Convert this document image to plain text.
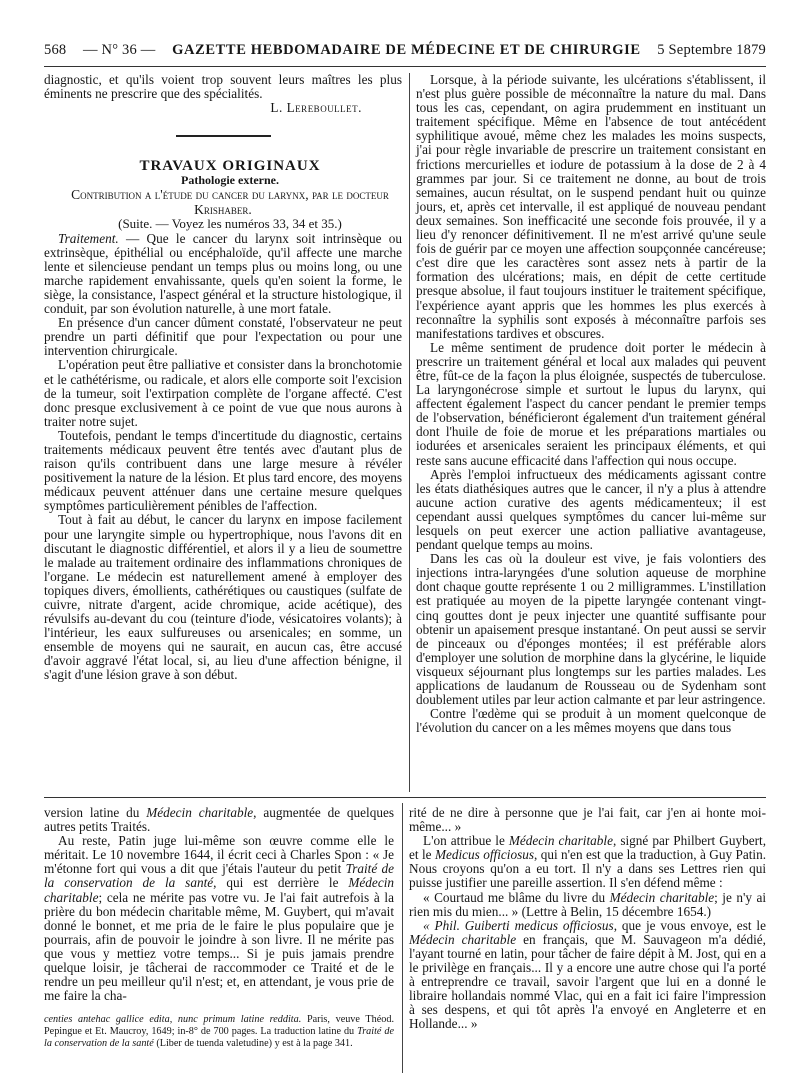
568 — N° 36 — GAZETTE HEBDOMADAIRE DE MÉDECINE ET DE CHIRURGIE 5 Septembre 1879

diagnostic, et qu'ils voient trop souvent leurs maîtres les plus éminents ne prescrire que des spécialités.

L. Lereboullet.

TRAVAUX ORIGINAUX

Pathologie externe.

Contribution a l'étude du cancer du larynx, par le docteur Krishaber.

(Suite. — Voyez les numéros 33, 34 et 35.)

Traitement. — Que le cancer du larynx soit intrinsèque ou extrinsèque, épithélial ou encéphaloïde, qu'il affecte une marche lente et silencieuse pendant un temps plus ou moins long, ou une marche rapidement envahissante, quels qu'en soient la forme, le siège, la consistance, l'aspect général et la structure histologique, il conduit, par son évolution naturelle, à une mort fatale.

En présence d'un cancer dûment constaté, l'observateur ne peut prendre un parti définitif que pour l'expectation ou pour une intervention chirurgicale.

L'opération peut être palliative et consister dans la bronchotomie et le cathétérisme, ou radicale, et alors elle comporte soit l'excision de la tumeur, soit l'extirpation complète de l'organe affecté. C'est donc presque exclusivement à ce point de vue que nous aurons à traiter notre sujet.

Toutefois, pendant le temps d'incertitude du diagnostic, certains traitements médicaux peuvent être tentés avec d'autant plus de raison qu'ils contribuent dans une large mesure à révéler positivement la nature de la lésion. Et plus tard encore, des moyens médicaux peuvent atténuer dans une certaine mesure quelques symptômes particulièrement pénibles de l'affection.

Tout à fait au début, le cancer du larynx en impose facilement pour une laryngite simple ou hypertrophique, nous l'avons dit en discutant le diagnostic différentiel, et alors il y a lieu de soumettre le malade au traitement ordinaire des inflammations chroniques de l'organe. Le médecin est naturellement amené à employer des topiques divers, émollients, cathérétiques ou caustiques (sulfate de cuivre, nitrate d'argent, acide chromique, acide acétique), des révulsifs au-devant du cou (teinture d'iode, vésicatoires volants); à l'intérieur, les eaux sulfureuses ou arsenicales; en somme, un ensemble de moyens qui ne saurait, en aucun cas, être accusé d'avoir aggravé l'état local, si, au lieu d'une affection bénigne, il s'agit d'une lésion grave à son début.

Lorsque, à la période suivante, les ulcérations s'établissent, il n'est plus guère possible de méconnaître la nature du mal. Dans tous les cas, cependant, on agira prudemment en instituant un traitement spécifique. Même en l'absence de tout antécédent syphilitique avoué, même chez les malades les moins suspects, j'ai pour règle invariable de prescrire un traitement consistant en frictions mercurielles et iodure de potassium à la dose de 2 à 4 grammes par jour. Si ce traitement ne donne, au bout de trois semaines, aucun résultat, on le suspend pendant huit ou quinze jours, et, après cet intervalle, il est appliqué de nouveau pendant deux semaines. Son inefficacité une seconde fois prouvée, il y a lieu d'y renoncer définitivement. Il ne m'est arrivé qu'une seule fois de guérir par ce moyen une affection soupçonnée cancéreuse; c'est dire que les caractères sont assez nets à partir de la formation des ulcérations; mais, en dépit de cette certitude presque absolue, il faut toujours instituer le traitement spécifique, l'expérience ayant appris que les hommes les plus exercés à reconnaître la syphilis sont exposés à méconnaître parfois ses manifestations tardives et obscures.

Le même sentiment de prudence doit porter le médecin à prescrire un traitement général et local aux malades qui peuvent être, fût-ce de la façon la plus éloignée, suspectés de tuberculose. La laryngonécrose simple et surtout le lupus du larynx, qui affectent également l'aspect du cancer pendant le premier temps de l'observation, bénéficieront également d'un traitement général dont l'huile de foie de morue et les préparations martiales ou iodurées et arsenicales seraient les principaux éléments, et qui reste sans aucune efficacité dans l'affection qui nous occupe.

Après l'emploi infructueux des médicaments agissant contre les états diathésiques autres que le cancer, il n'y a plus à attendre aucune action curative des agents médicamenteux; il est cependant aussi quelques symptômes du cancer lui-même sur lesquels on peut exercer une action palliative avantageuse, pendant quelque temps au moins.

Dans les cas où la douleur est vive, je fais volontiers des injections intra-laryngées d'une solution aqueuse de morphine dont chaque goutte représente 1 ou 2 milligrammes. L'instillation est pratiquée au moyen de la pipette laryngée contenant vingt-cinq gouttes dont je peux injecter une quantité suffisante pour obtenir un apaisement presque instantané. On peut aussi se servir de pinceaux ou d'éponges montées; il est préférable alors d'employer une solution de morphine dans la glycérine, le liquide visqueux séjournant plus longtemps sur les parties malades. Les applications de laudanum de Rousseau ou de Sydenham sont doublement utiles par leur action calmante et par leur astringence.

Contre l'œdème qui se produit à un moment quelconque de l'évolution du cancer on a les mêmes moyens que dans tous

version latine du Médecin charitable, augmentée de quelques autres petits Traités.

Au reste, Patin juge lui-même son œuvre comme elle le méritait. Le 10 novembre 1644, il écrit ceci à Charles Spon : « Je m'étonne fort qui vous a dit que j'étais l'auteur du petit Traité de la conservation de la santé, qui est derrière le Médecin charitable; cela ne mérite pas votre vu. Je l'ai fait autrefois à la prière du bon médecin charitable même, M. Guybert, qui m'avait donné le bonnet, et me pria de le faire le plus populaire que je pourrais, afin de pouvoir le joindre à son livre. Il ne mérite pas que vous y mettiez votre temps... Si je puis jamais prendre quelque loisir, je tâcherai de raccommoder ce Traité et de le rendre un peu meilleur qu'il n'est; et, en attendant, je vous prie de me faire la cha-

centies antehac gallice edita, nunc primum latine reddita. Paris, veuve Théod. Pepingue et Et. Maucroy, 1649; in-8° de 700 pages. La traduction latine du Traité de la conservation de la santé (Liber de tuenda valetudine) y est à la page 341.

rité de ne dire à personne que je l'ai fait, car j'en ai honte moi-même... »

L'on attribue le Médecin charitable, signé par Philbert Guybert, et le Medicus officiosus, qui n'en est que la traduction, à Guy Patin. Nous croyons qu'on a eu tort. Il n'y a dans ses Lettres rien qui puisse justifier une pareille assertion. Il s'en défend même :

« Courtaud me blâme du livre du Médecin charitable; je n'y ai rien mis du mien... » (Lettre à Belin, 15 décembre 1654.)

« Phil. Guiberti medicus officiosus, que je vous envoye, est le Médecin charitable en français, que M. Sauvageon m'a dédié, l'ayant tourné en latin, pour tâcher de faire dépit à M. Jost, qui en a le privilège en français... Il y a encore une autre chose qui l'a porté à entreprendre ce travail, savoir l'argent que lui en a donné le libraire hollandais nommé Vlac, qui en a fait ici faire l'impression à ses despens, et qui tôt après l'a envoyé en Angleterre et en Hollande... »
